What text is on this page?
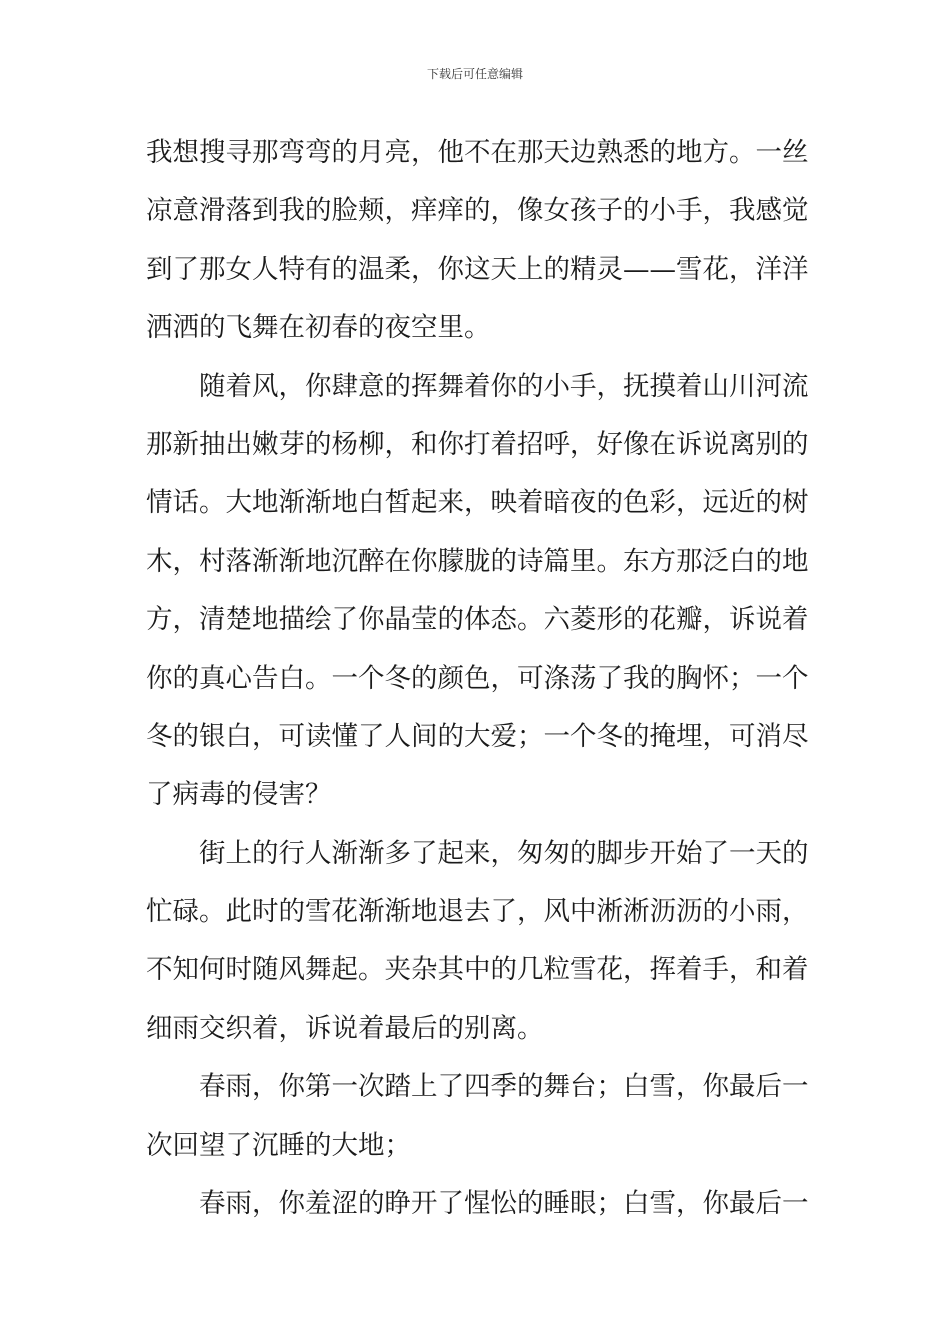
下载后可任意编辑
我想搜寻那弯弯的月亮，他不在那天边熟悉的地方。一丝
凉意滑落到我的脸颊，痒痒的，像女孩子的小手，我感觉
到了那女人特有的温柔，你这天上的精灵——雪花，洋洋
洒洒的飞舞在初春的夜空里。
随着风，你肆意的挥舞着你的小手，抚摸着山川河流
那新抽出嫩芽的杨柳，和你打着招呼，好像在诉说离别的
情话。大地渐渐地白皙起来，映着暗夜的色彩，远近的树
木，村落渐渐地沉醉在你朦胧的诗篇里。东方那泛白的地
方，清楚地描绘了你晶莹的体态。六菱形的花瓣，诉说着
你的真心告白。一个冬的颜色，可涤荡了我的胸怀；一个
冬的银白，可读懂了人间的大爱；一个冬的掩埋，可消尽
了病毒的侵害？
街上的行人渐渐多了起来，匆匆的脚步开始了一天的
忙碌。此时的雪花渐渐地退去了，风中淅淅沥沥的小雨，
不知何时随风舞起。夹杂其中的几粒雪花，挥着手，和着
细雨交织着，诉说着最后的别离。
春雨，你第一次踏上了四季的舞台；白雪，你最后一
次回望了沉睡的大地；
春雨，你羞涩的睁开了惺忪的睡眼；白雪，你最后一
